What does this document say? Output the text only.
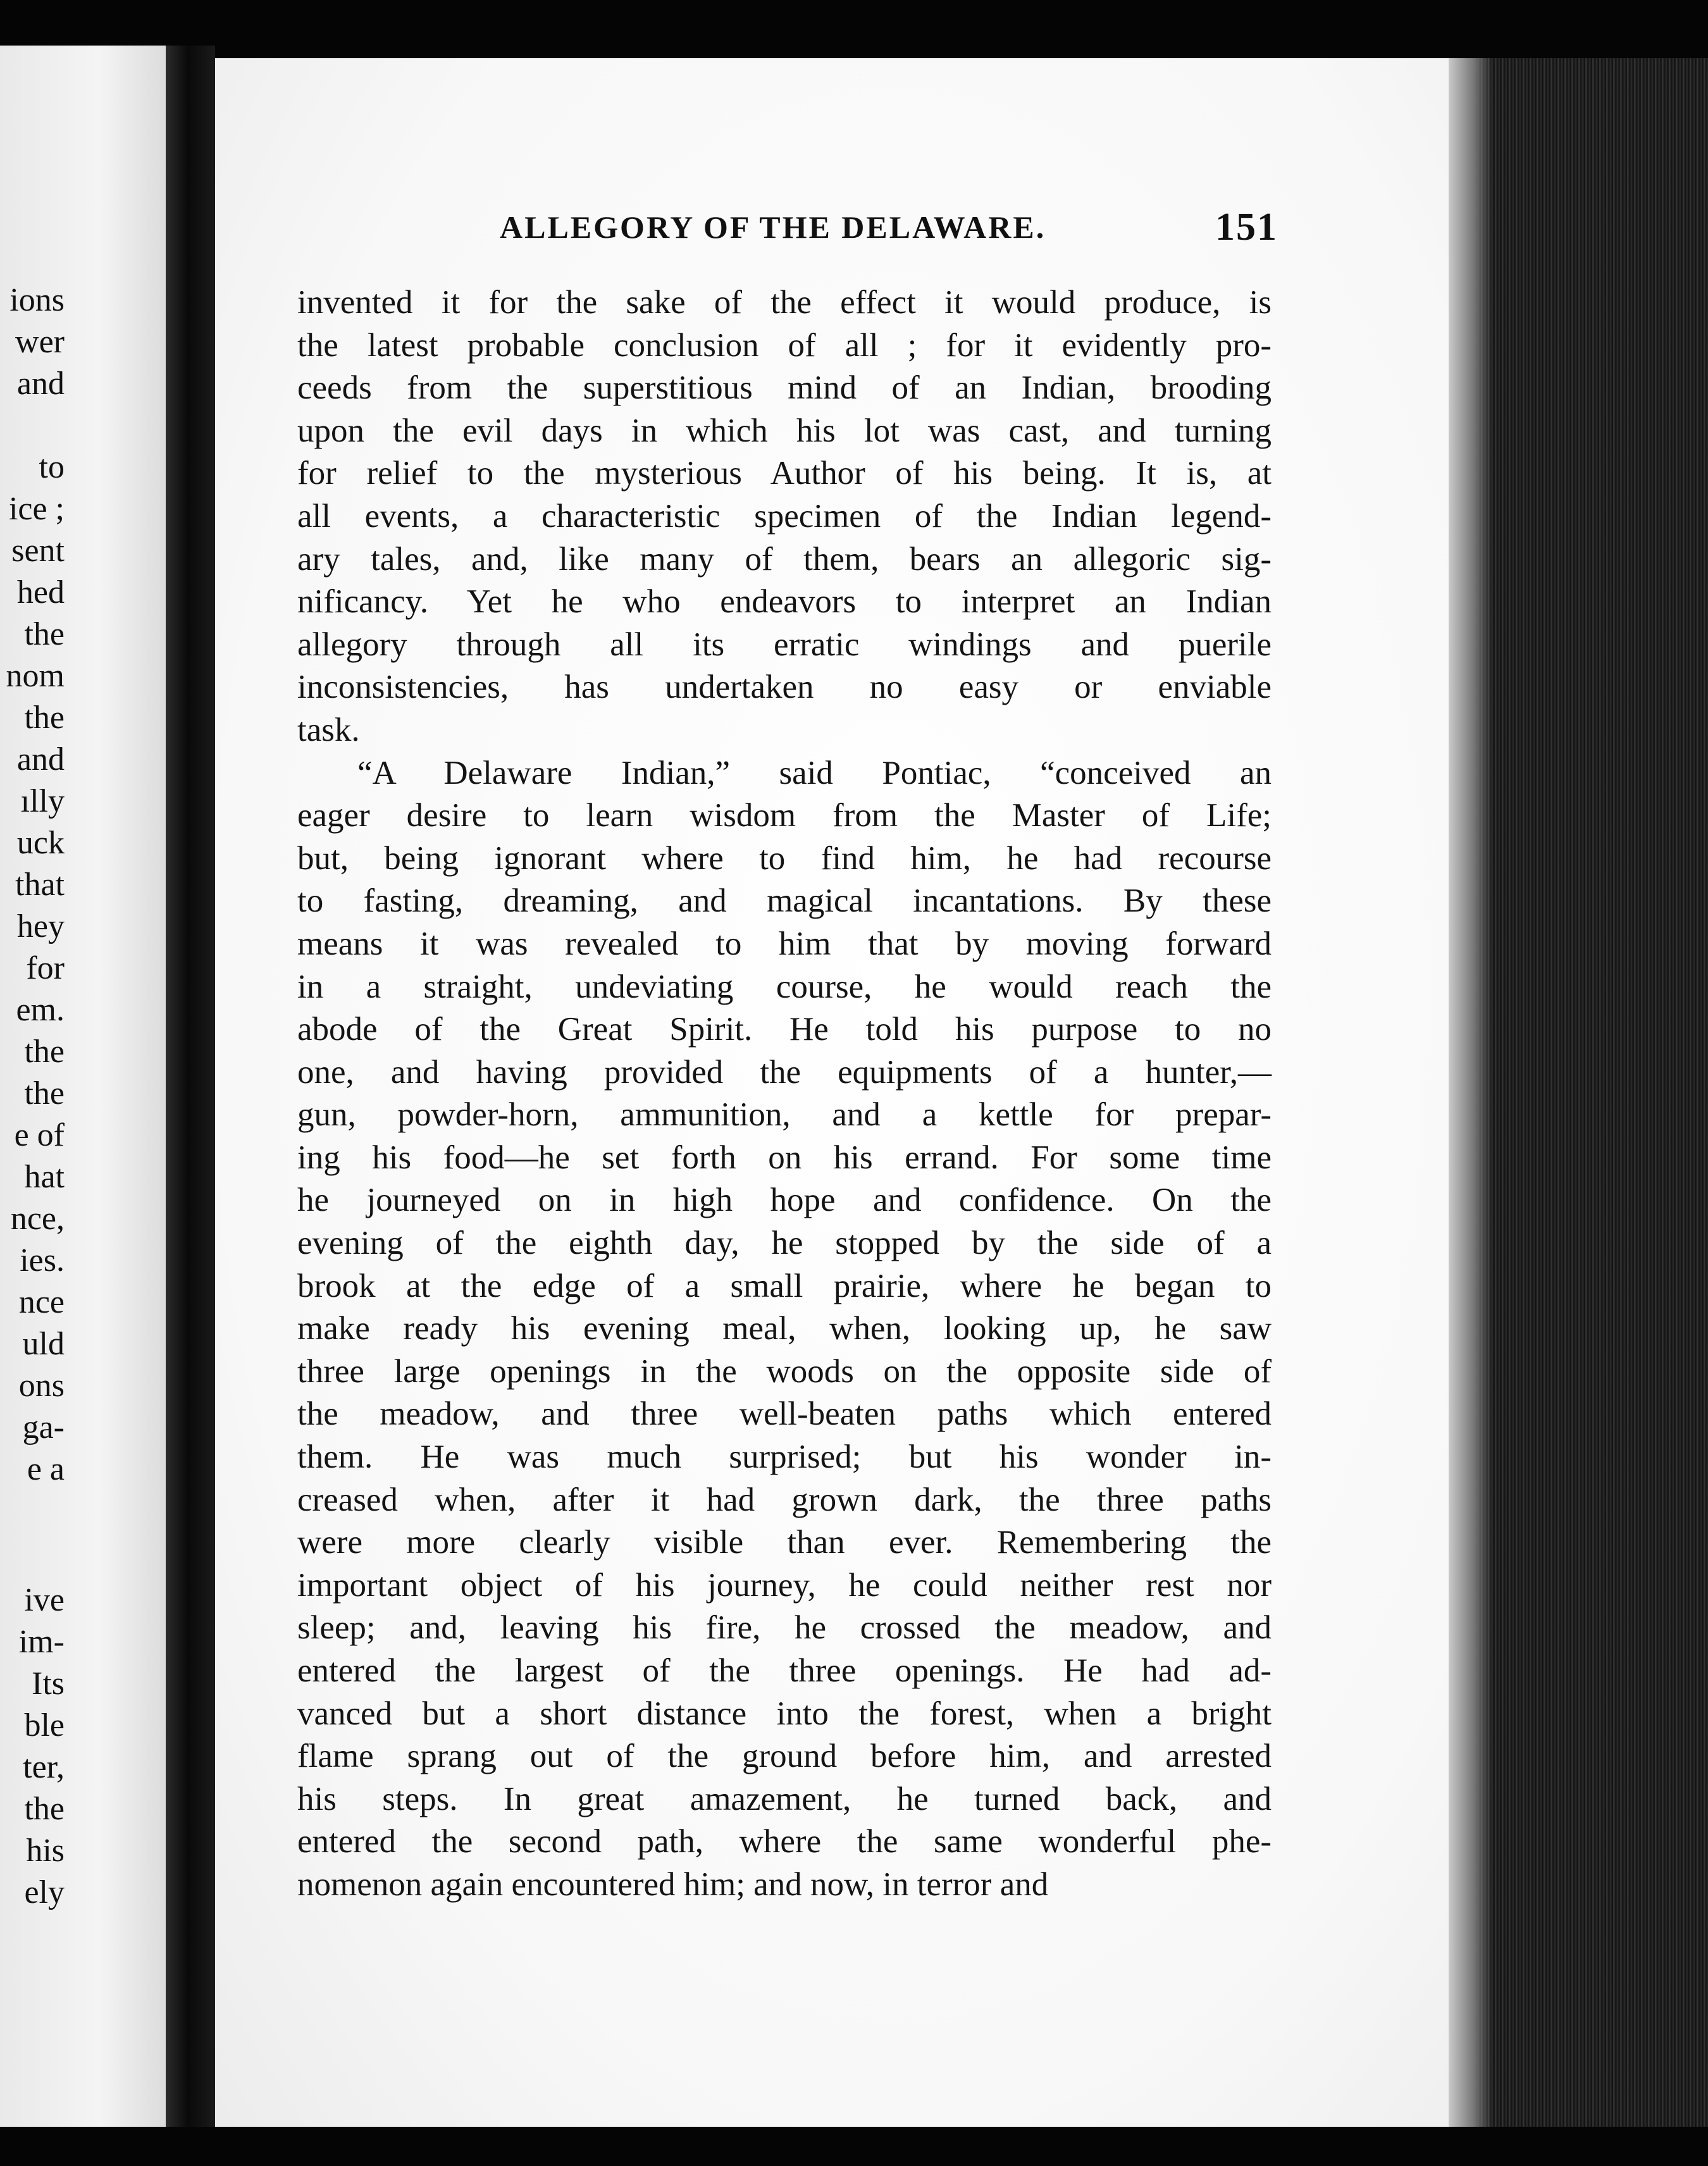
ions
wer
and
to
ice ;
sent
hed
the
nom
the
and
ılly
uck
that
hey
for
em.
the
the
e of
hat
nce,
ies.
nce
uld
ons
ga-
e a
ive
im-
Its
ble
ter,
the
his
ely
ALLEGORY OF THE DELAWARE.	151
invented it for the sake of the effect it would produce, is
the latest probable conclusion of all ; for it evidently pro-
ceeds from the superstitious mind of an Indian, brooding
upon the evil days in which his lot was cast, and turning
for relief to the mysterious Author of his being. It is, at
all events, a characteristic specimen of the Indian legend-
ary tales, and, like many of them, bears an allegoric sig-
nificancy. Yet he who endeavors to interpret an Indian
allegory through all its erratic windings and puerile
inconsistencies, has undertaken no easy or enviable
task.
“A Delaware Indian,” said Pontiac, “conceived an
eager desire to learn wisdom from the Master of Life;
but, being ignorant where to find him, he had recourse
to fasting, dreaming, and magical incantations. By these
means it was revealed to him that by moving forward
in a straight, undeviating course, he would reach the
abode of the Great Spirit. He told his purpose to no
one, and having provided the equipments of a hunter,—
gun, powder-horn, ammunition, and a kettle for prepar-
ing his food—he set forth on his errand. For some time
he journeyed on in high hope and confidence. On the
evening of the eighth day, he stopped by the side of a
brook at the edge of a small prairie, where he began to
make ready his evening meal, when, looking up, he saw
three large openings in the woods on the opposite side of
the meadow, and three well-beaten paths which entered
them. He was much surprised; but his wonder in-
creased when, after it had grown dark, the three paths
were more clearly visible than ever. Remembering the
important object of his journey, he could neither rest nor
sleep; and, leaving his fire, he crossed the meadow, and
entered the largest of the three openings. He had ad-
vanced but a short distance into the forest, when a bright
flame sprang out of the ground before him, and arrested
his steps. In great amazement, he turned back, and
entered the second path, where the same wonderful phe-
nomenon again encountered him; and now, in terror and
